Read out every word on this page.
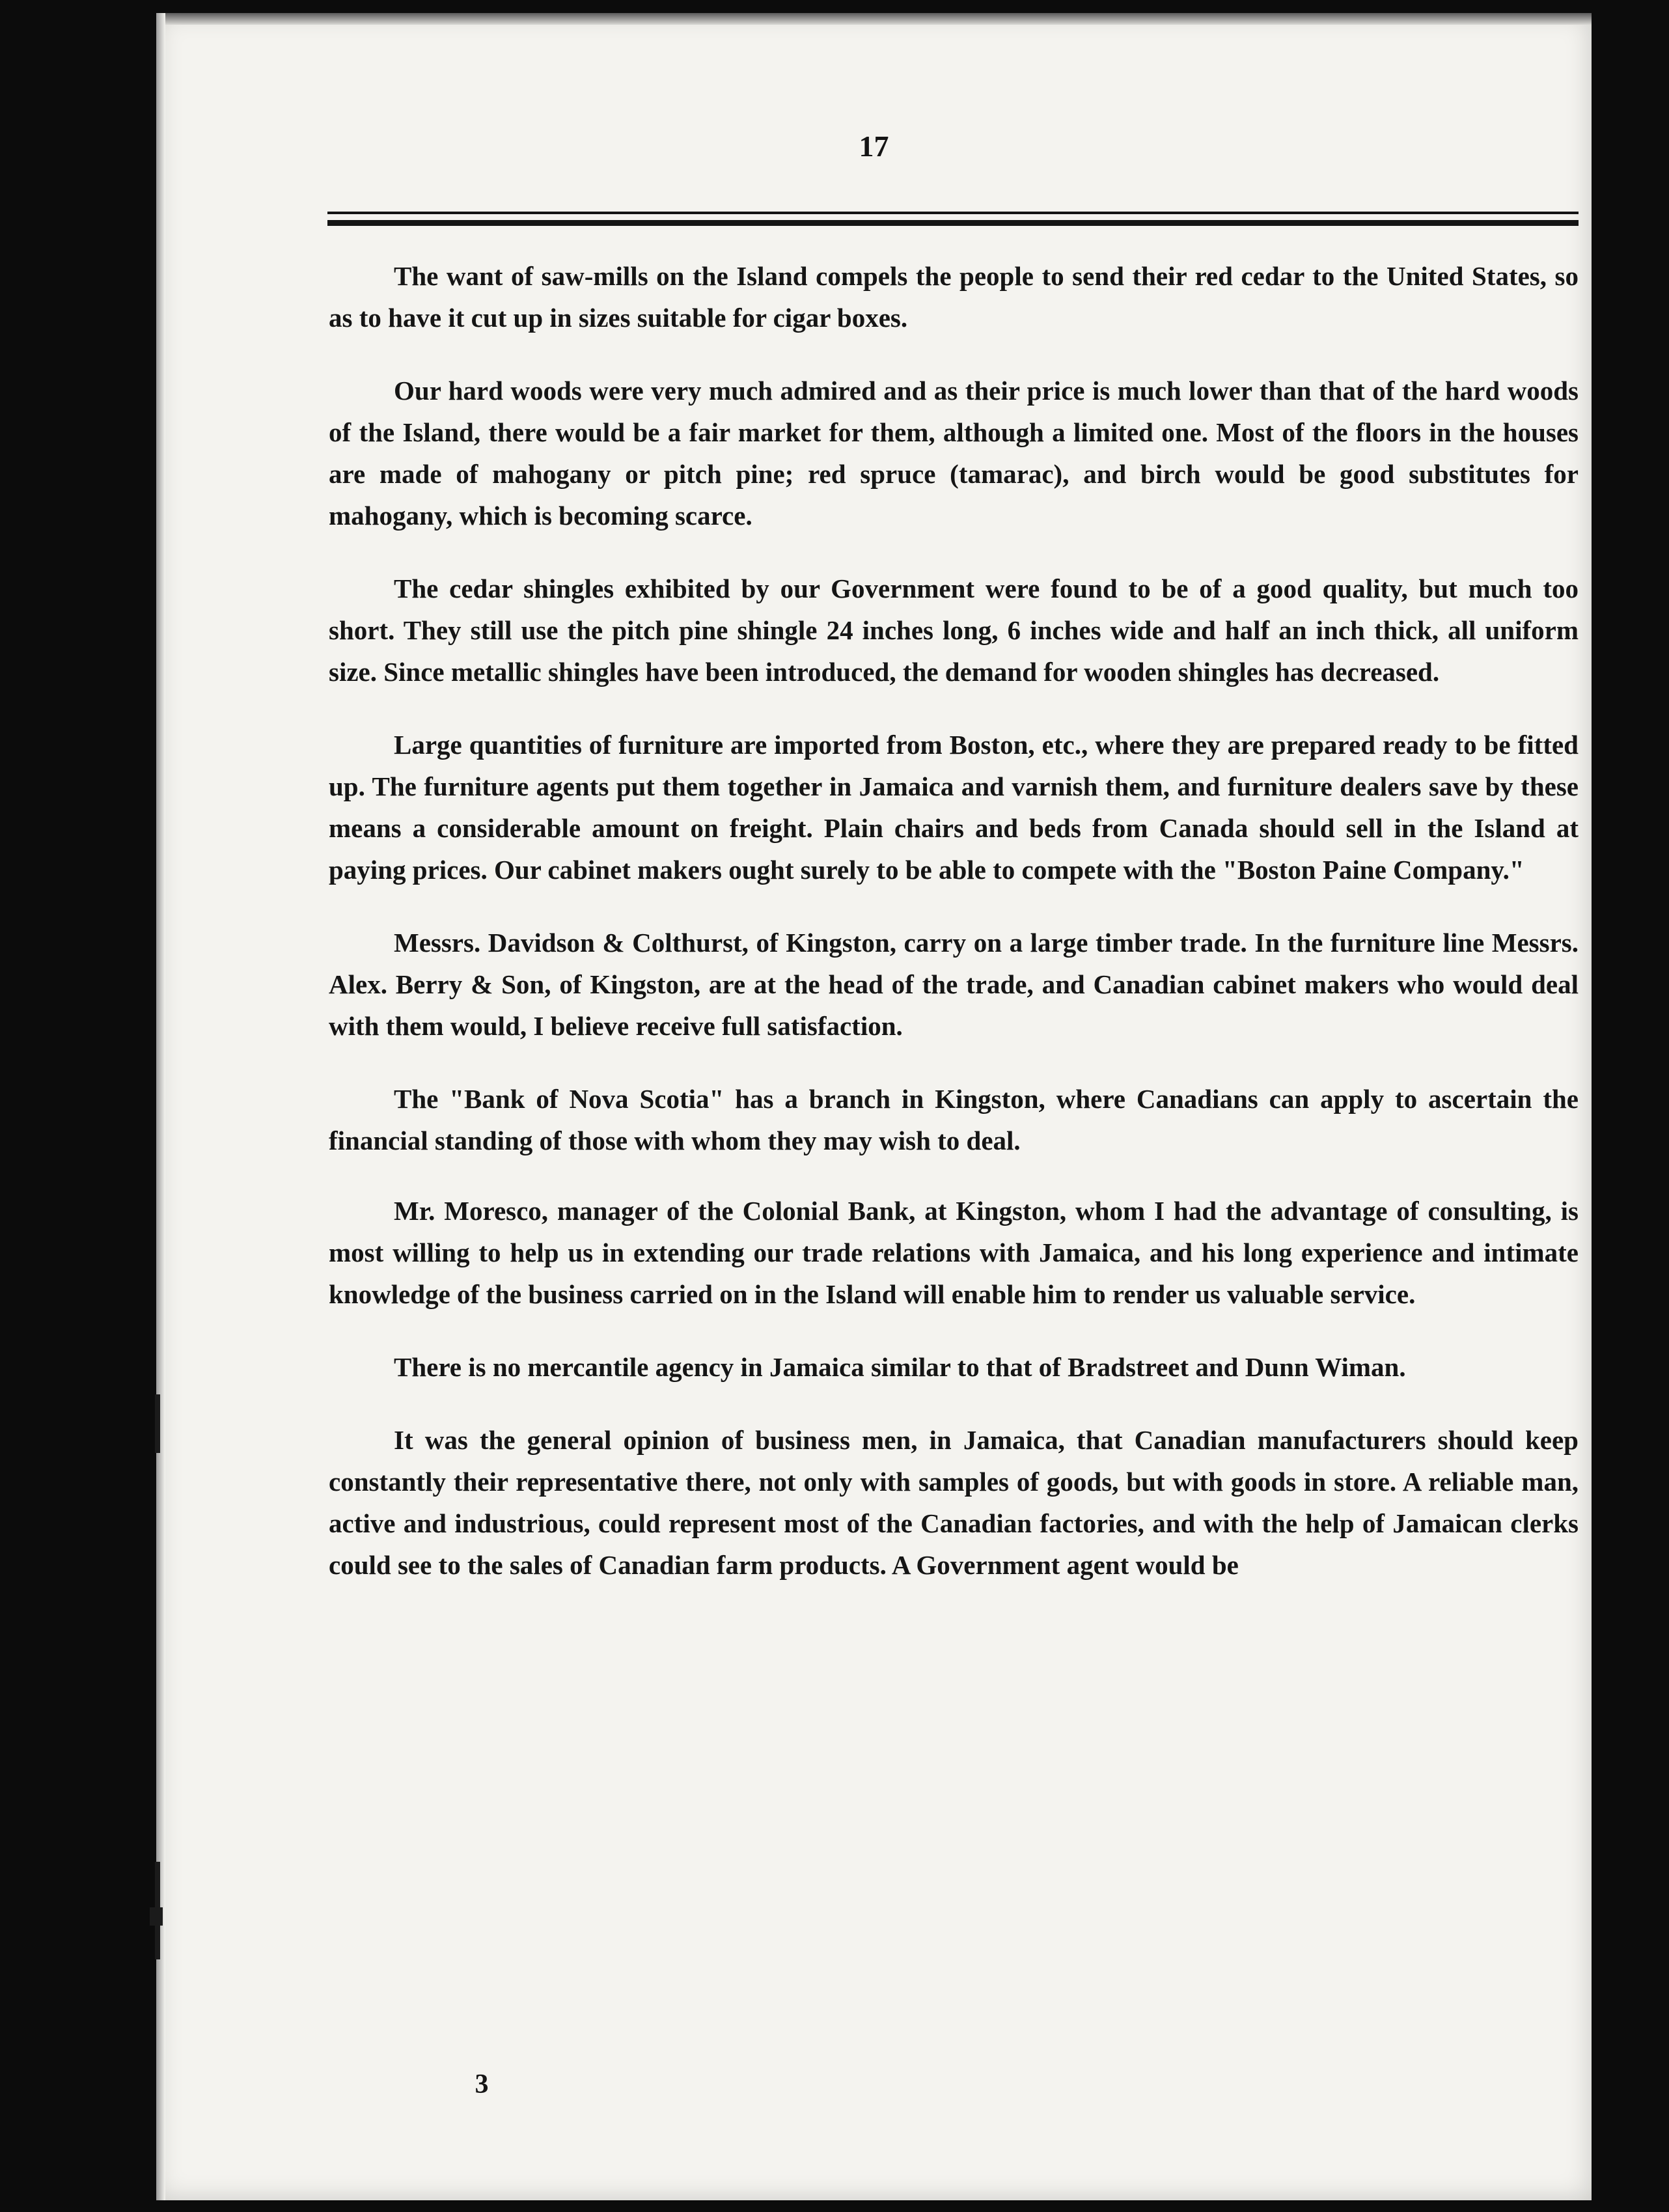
17

The want of saw-mills on the Island compels the people to send their red cedar to the United States, so as to have it cut up in sizes suitable for cigar boxes.

Our hard woods were very much admired and as their price is much lower than that of the hard woods of the Island, there would be a fair market for them, although a limited one. Most of the floors in the houses are made of mahogany or pitch pine; red spruce (tamarac), and birch would be good substitutes for mahogany, which is becoming scarce.

The cedar shingles exhibited by our Government were found to be of a good quality, but much too short. They still use the pitch pine shingle 24 inches long, 6 inches wide and half an inch thick, all uniform size. Since metallic shingles have been introduced, the demand for wooden shingles has decreased.

Large quantities of furniture are imported from Boston, etc., where they are prepared ready to be fitted up. The furniture agents put them together in Jamaica and varnish them, and furniture dealers save by these means a considerable amount on freight. Plain chairs and beds from Canada should sell in the Island at paying prices. Our cabinet makers ought surely to be able to compete with the "Boston Paine Company."

Messrs. Davidson & Colthurst, of Kingston, carry on a large timber trade. In the furniture line Messrs. Alex. Berry & Son, of Kingston, are at the head of the trade, and Canadian cabinet makers who would deal with them would, I believe receive full satisfaction.

The "Bank of Nova Scotia" has a branch in Kingston, where Canadians can apply to ascertain the financial standing of those with whom they may wish to deal.

Mr. Moresco, manager of the Colonial Bank, at Kingston, whom I had the advantage of consulting, is most willing to help us in extending our trade relations with Jamaica, and his long experience and intimate knowledge of the business carried on in the Island will enable him to render us valuable service.

There is no mercantile agency in Jamaica similar to that of Bradstreet and Dunn Wiman.

It was the general opinion of business men, in Jamaica, that Canadian manufacturers should keep constantly their representative there, not only with samples of goods, but with goods in store. A reliable man, active and industrious, could represent most of the Canadian factories, and with the help of Jamaican clerks could see to the sales of Canadian farm products. A Government agent would be

3
